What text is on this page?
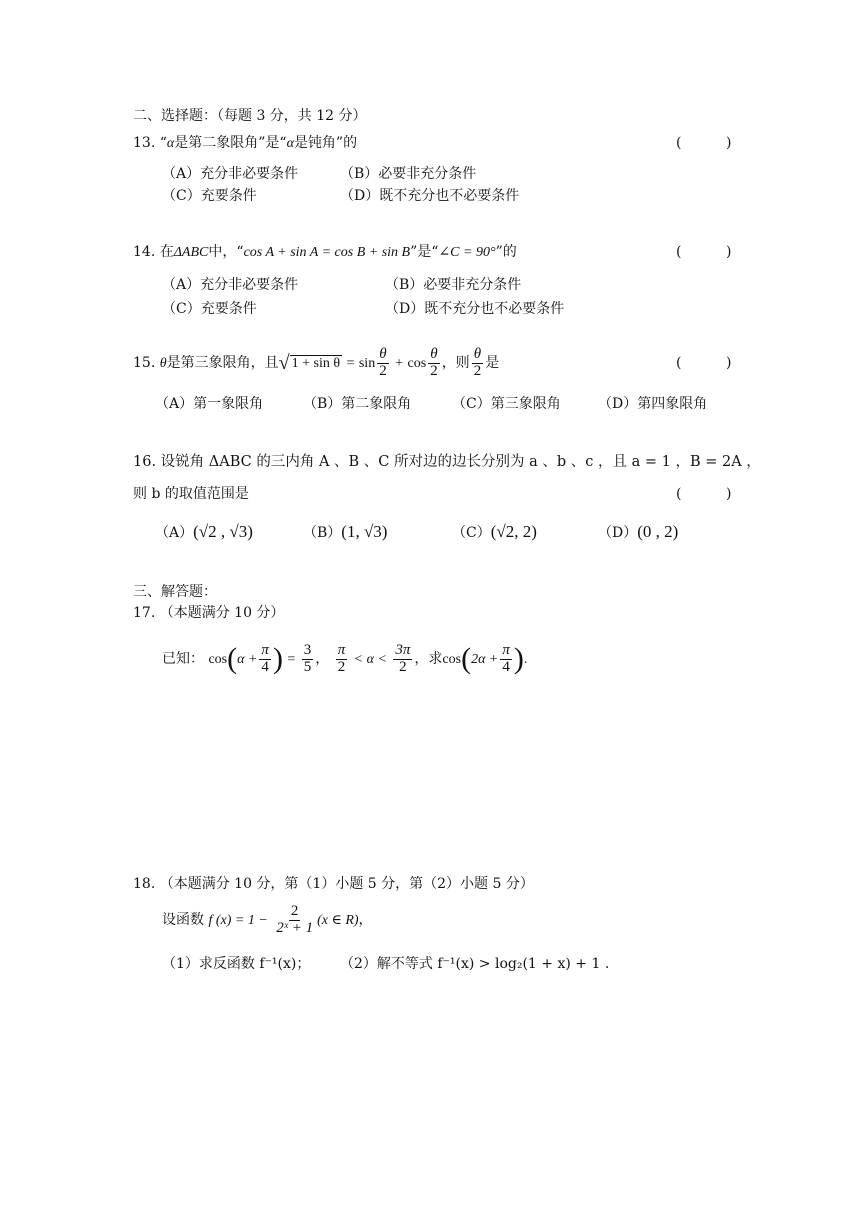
二、选择题：（每题 3 分，共 12 分）
13. “α是第二象限角”是“α是钝角”的	(          )
（A）充分非必要条件	（B）必要非充分条件
（C）充要条件	（D）既不充分也不必要条件
14. 在ΔABC中，“cos A + sin A = cos B + sin B”是“∠C = 90°”的	(          )
（A）充分非必要条件	（B）必要非充分条件
（C）充要条件	（D）既不充分也不必要条件
15. θ是第三象限角，且√ $1 + \sin \theta = \sin \frac{\theta}{2} + \cos \frac{\theta}{2}$ ，则 $\frac{\theta}{2}$ 是	(          )
（A）第一象限角	（B）第二象限角	（C）第三象限角	（D）第四象限角
16. 设锐角 ΔABC 的三内角 A 、B 、C 所对边的边长分别为 a 、b 、c ，且 a = 1 ，B = 2A ，
则 b 的取值范围是	(          )
（A）(√2 , √3)	（B）(1, √3)	（C）(√2, 2)	（D）(0 , 2)
三、解答题：
17. （本题满分 10 分）
已知： $\cos(\alpha + \frac{\pi}{4}$ ) = $\frac{3}{5}$ ， $\frac{\pi}{2} < \alpha < \frac{3\pi}{2}$ ，求$\cos(2\alpha + \frac{\pi}{4}$ ).
18. （本题满分 10 分，第（1）小题 5 分，第（2）小题 5 分）
设函数 f $(x) = 1 - \frac{2}{\text{2ˣ + 1}} (x$ ∈ R)，
（1）求反函数 f⁻¹(x)； （2）解不等式 f⁻¹(x) > log₂(1 + x) + 1 .
